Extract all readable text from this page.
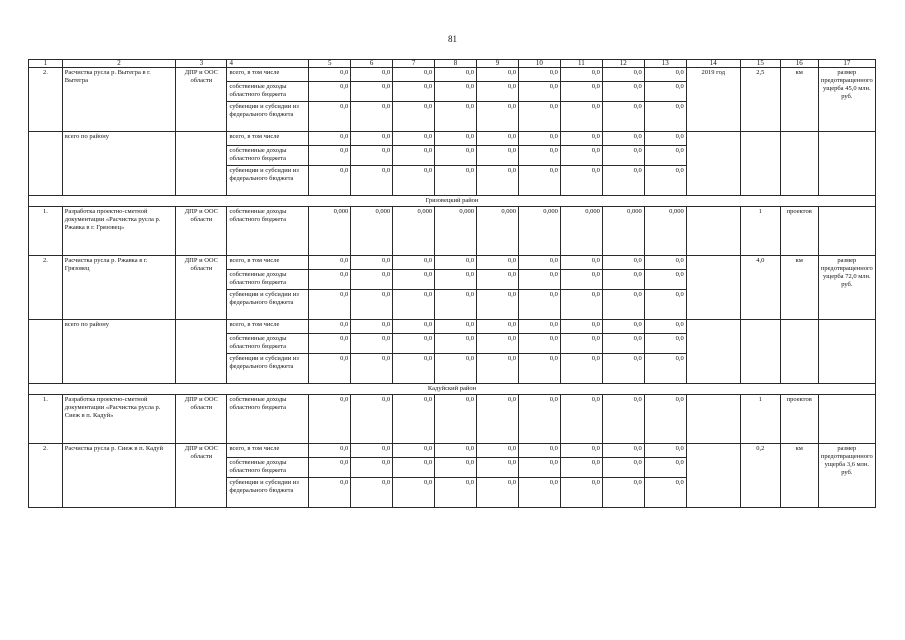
81
1	2	3	4	5	6	7	8	9	10	11	12	13	14	15	16	17
2.	Расчистка русла р. Вытегра в г. Вытегра	ДПР и ООС области	всего, в том числе	0,0	0,0	0,0	0,0	0,0	0,0	0,0	0,0	0,0	2019 год	2,5	км	размер предотвращенного ущерба 45,0 млн. руб.
			собственные доходы областного бюджета	0,0	0,0	0,0	0,0	0,0	0,0	0,0	0,0	0,0				
			субвенции и субсидии из федерального бюджета	0,0	0,0	0,0	0,0	0,0	0,0	0,0	0,0	0,0				
	всего по району		всего, в том числе	0,0	0,0	0,0	0,0	0,0	0,0	0,0	0,0	0,0				
			собственные доходы областного бюджета	0,0	0,0	0,0	0,0	0,0	0,0	0,0	0,0	0,0				
			субвенции и субсидии из федерального бюджета	0,0	0,0	0,0	0,0	0,0	0,0	0,0	0,0	0,0				
Грязовецкий район																
1.	Разработка проектно-сметной документации «Расчистка русла р. Ржавка в г. Грязовец»	ДПР и ООС области	собственные доходы областного бюджета	0,000	0,000	0,000	0,000	0,000	0,000	0,000	0,000	0,000		1	проектов	
2.	Расчистка русла р. Ржавка в г. Грязовец	ДПР и ООС области	всего, в том числе	0,0	0,0	0,0	0,0	0,0	0,0	0,0	0,0	0,0		4,0	км	размер предотвращенного ущерба 72,0 млн. руб.
			собственные доходы областного бюджета	0,0	0,0	0,0	0,0	0,0	0,0	0,0	0,0	0,0				
			субвенции и субсидии из федерального бюджета	0,0	0,0	0,0	0,0	0,0	0,0	0,0	0,0	0,0				
	всего по району		всего, в том числе	0,0	0,0	0,0	0,0	0,0	0,0	0,0	0,0	0,0				
			собственные доходы областного бюджета	0,0	0,0	0,0	0,0	0,0	0,0	0,0	0,0	0,0				
			субвенции и субсидии из федерального бюджета	0,0	0,0	0,0	0,0	0,0	0,0	0,0	0,0	0,0				
Кадуйский район																
1.	Разработка проектно-сметной документации «Расчистка русла р. Сиеж в п. Кадуй»	ДПР и ООС области	собственные доходы областного бюджета	0,0	0,0	0,0	0,0	0,0	0,0	0,0	0,0	0,0		1	проектов	
2.	Расчистка русла р. Сиеж в п. Кадуй	ДПР и ООС области	всего, в том числе	0,0	0,0	0,0	0,0	0,0	0,0	0,0	0,0	0,0		0,2	км	размер предотвращенного ущерба 3,6 млн. руб.
			собственные доходы областного бюджета	0,0	0,0	0,0	0,0	0,0	0,0	0,0	0,0	0,0				
			субвенции и субсидии из федерального бюджета	0,0	0,0	0,0	0,0	0,0	0,0	0,0	0,0	0,0				
